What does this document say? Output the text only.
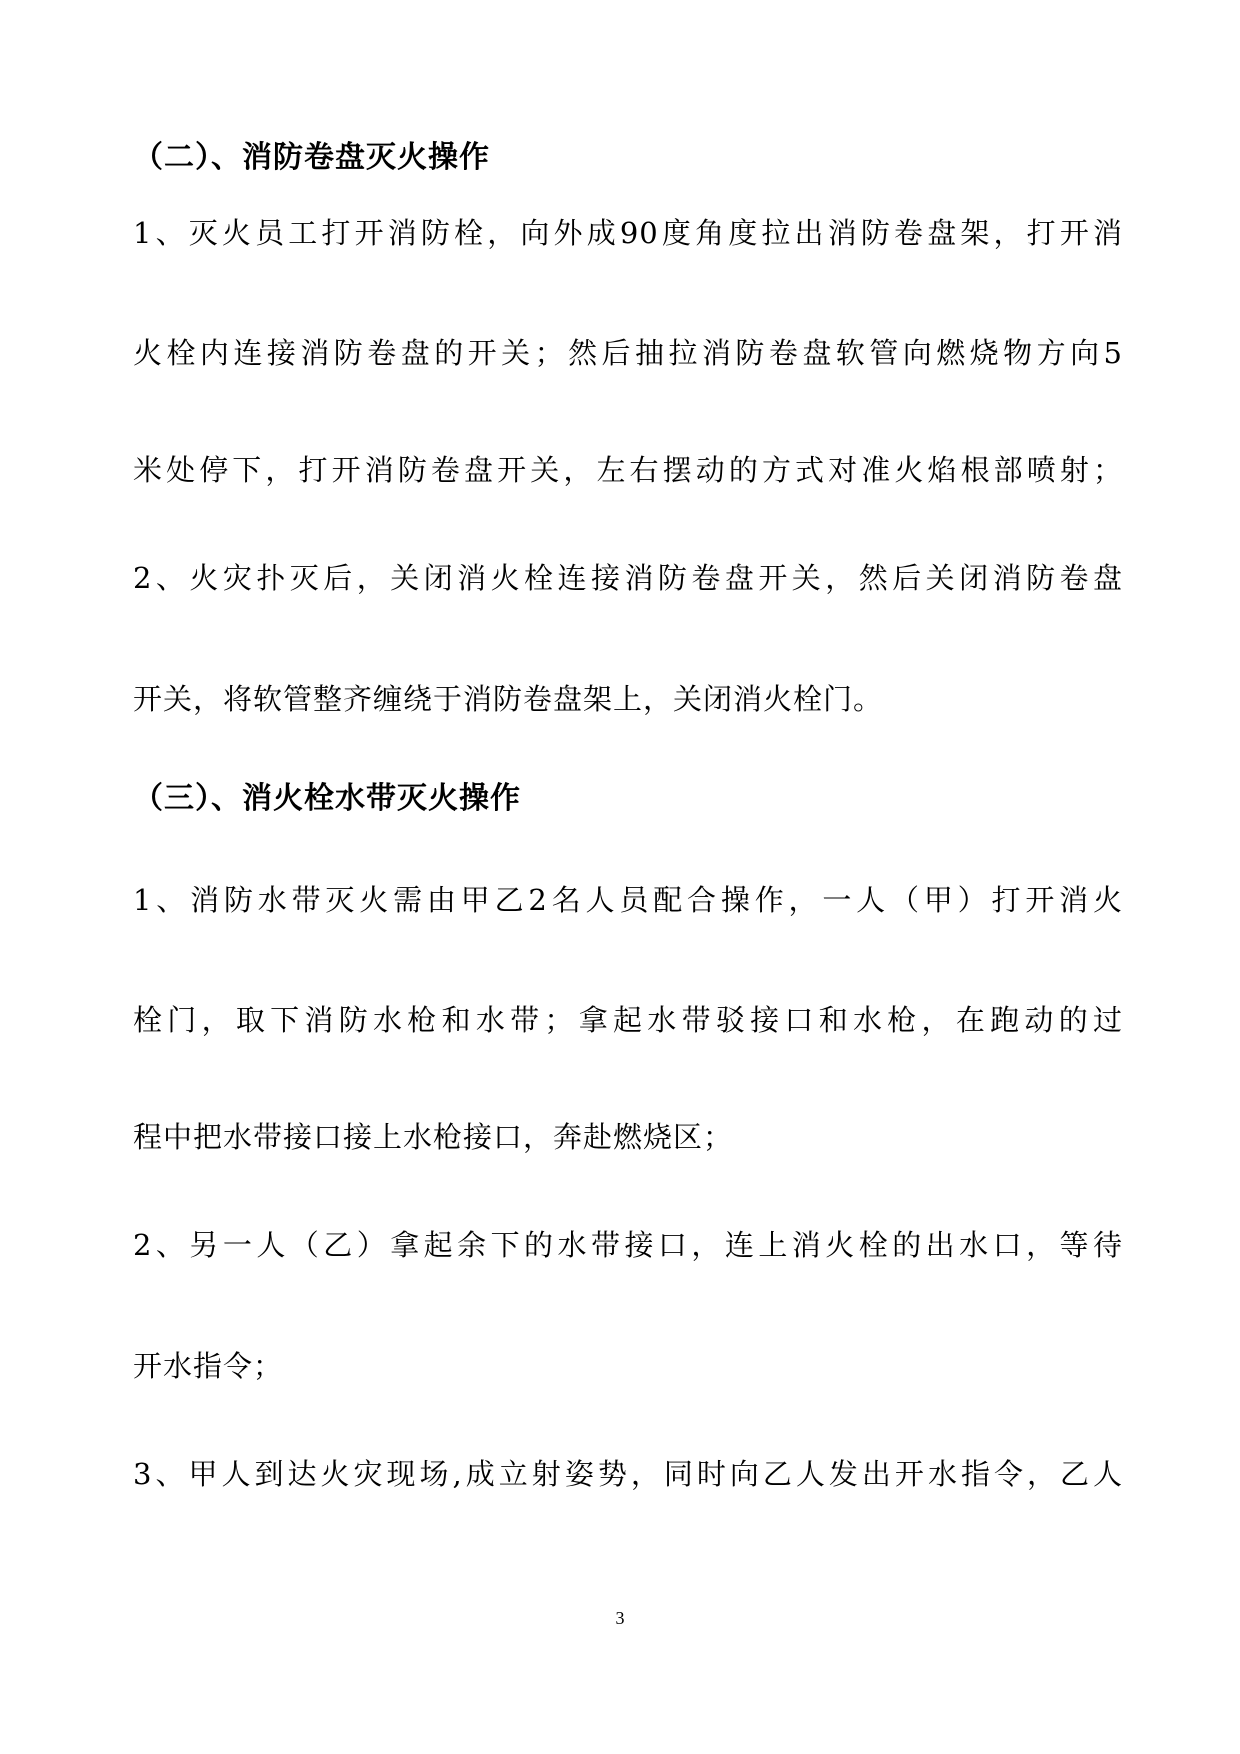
（二）、消防卷盘灭火操作
1、灭火员工打开消防栓，向外成90度角度拉出消防卷盘架，打开消
火栓内连接消防卷盘的开关；然后抽拉消防卷盘软管向燃烧物方向5
米处停下，打开消防卷盘开关，左右摆动的方式对准火焰根部喷射；
2、火灾扑灭后，关闭消火栓连接消防卷盘开关，然后关闭消防卷盘
开关，将软管整齐缠绕于消防卷盘架上，关闭消火栓门。
（三）、消火栓水带灭火操作
1、消防水带灭火需由甲乙2名人员配合操作，一人（甲）打开消火
栓门，取下消防水枪和水带；拿起水带驳接口和水枪，在跑动的过
程中把水带接口接上水枪接口，奔赴燃烧区；
2、另一人（乙）拿起余下的水带接口，连上消火栓的出水口，等待
开水指令；
3、甲人到达火灾现场,成立射姿势，同时向乙人发出开水指令，乙人
3
